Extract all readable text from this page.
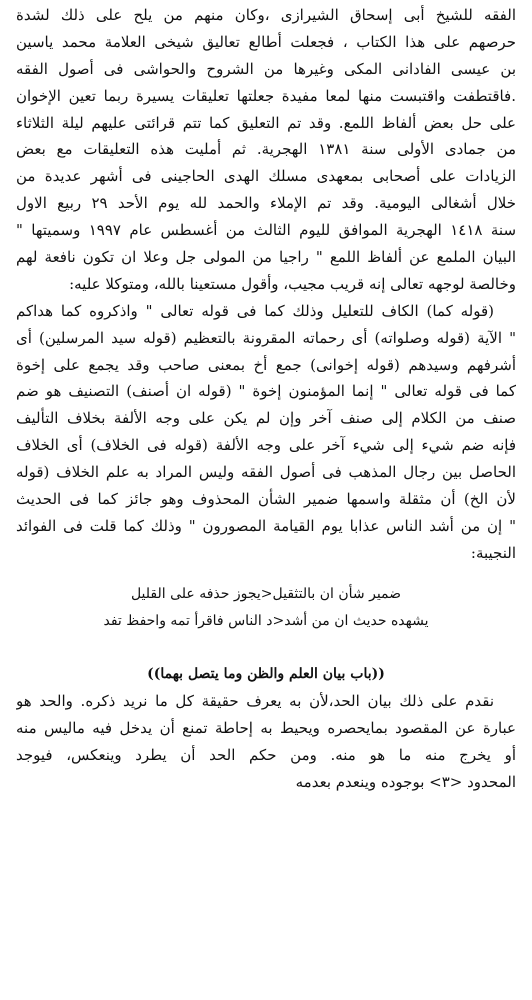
الفقه للشيخ أبى إسحاق الشيرازى ،وكان منهم من يلح على ذلك لشدة
حرصهم على هذا الكتاب ، فجعلت أطالع تعاليق شيخى العلامة محمد ياسين
بن عيسى الفادانى المكى وغيرها من الشروح والحواشى فى أصول الفقه
.فاقتطفت واقتبست منها لمعا مفيدة جعلتها تعليقات يسيرة ربما تعين الإخوان
على حل بعض ألفاظ اللمع. وقد تم التعليق كما تتم قرائتى عليهم ليلة الثلاثاء
من جمادى الأولى سنة ١٣٨١ الهجرية. ثم أمليت هذه التعليقات مع بعض
الزيادات على أصحابى بمعهدى مسلك الهدى الحاجينى فى أشهر عديدة من
خلال أشغالى اليومية. وقد تم الإملاء والحمد لله يوم الأحد ٢٩ ربيع الاول
سنة ١٤١٨ الهجرية الموافق لليوم الثالث من أغسطس عام ١٩٩٧ وسميتها "
البيان الملمع عن ألفاظ اللمع " راجيا من المولى جل وعلا ان تكون نافعة لهم
وخالصة لوجهه تعالى إنه قريب مجيب، وأقول مستعينا بالله، ومتوكلا عليه:
(قوله كما) الكاف للتعليل وذلك كما فى قوله تعالى " واذكروه كما هداكم
" الآية (قوله وصلواته) أى رحماته المقرونة بالتعظيم (قوله سيد المرسلين) أى
أشرفهم وسيدهم (قوله إخوانى) جمع أخ بمعنى صاحب وقد يجمع على إخوة
كما فى قوله تعالى " إنما المؤمنون إخوة " (قوله ان أصنف) التصنيف هو ضم
صنف من الكلام إلى صنف آخر وإن لم يكن على وجه الألفة بخلاف التأليف
فإنه ضم شيء إلى شيء آخر على وجه الألفة (قوله فى الخلاف) أى الخلاف
الحاصل بين رجال المذهب فى أصول الفقه وليس المراد به علم الخلاف (قوله
لأن الخ) أن مثقلة واسمها ضمير الشأن المحذوف وهو جائز كما فى الحديث
" إن من أشد الناس عذابا يوم القيامة المصورون " وذلك كما قلت فى الفوائد
النجيبة:
ضمير شأن ان بالتثقيل<يجوز حذفه على القليل
يشهده حديث ان من أشد<د الناس فاقرأ تمه واحفظ تفد
((باب بيان العلم والظن وما يتصل بهما))
نقدم على ذلك بيان الحد،لأن به يعرف حقيقة كل ما نريد ذكره. والحد هو
عبارة عن المقصود بمايحصره ويحيط به إحاطة تمنع أن يدخل فيه ماليس منه
أو يخرج منه ما هو منه. ومن حكم الحد أن يطرد وينعكس، فيوجد
المحدود <٣> بوجوده وينعدم بعدمه
